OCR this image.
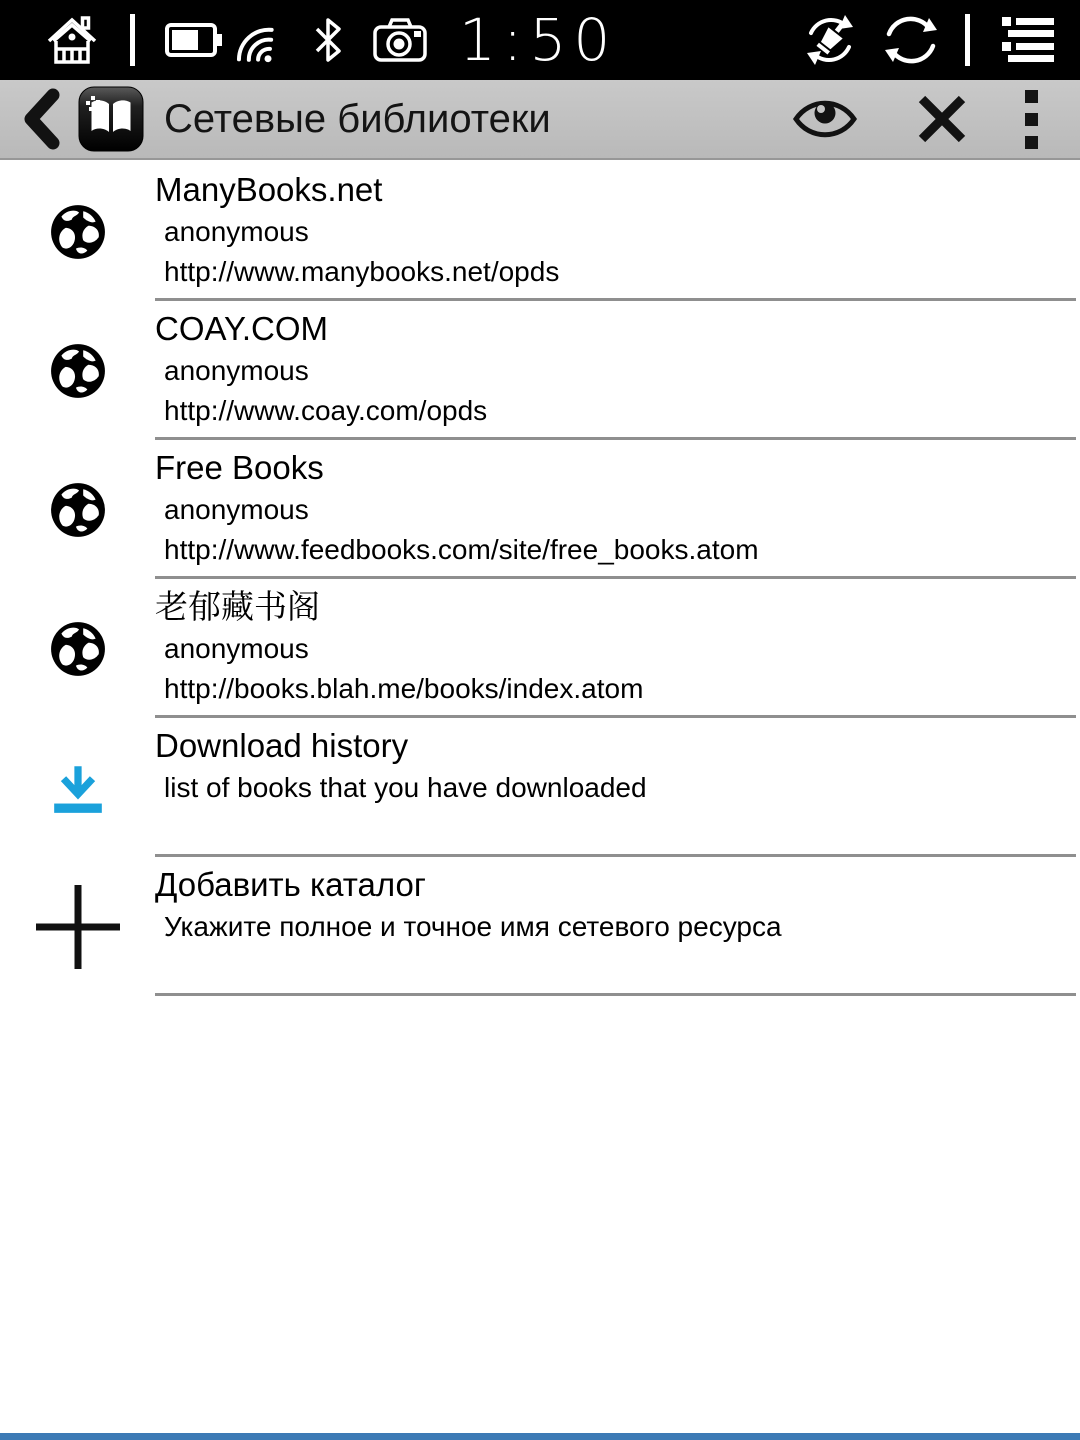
1:50
Сетевые библиотеки
ManyBooks.net
anonymous
http://www.manybooks.net/opds
COAY.COM
anonymous
http://www.coay.com/opds
Free Books
anonymous
http://www.feedbooks.com/site/free_books.atom
老郁藏书阁
anonymous
http://books.blah.me/books/index.atom
Download history
list of books that you have downloaded
Добавить каталог
Укажите полное и точное имя сетевого ресурса
